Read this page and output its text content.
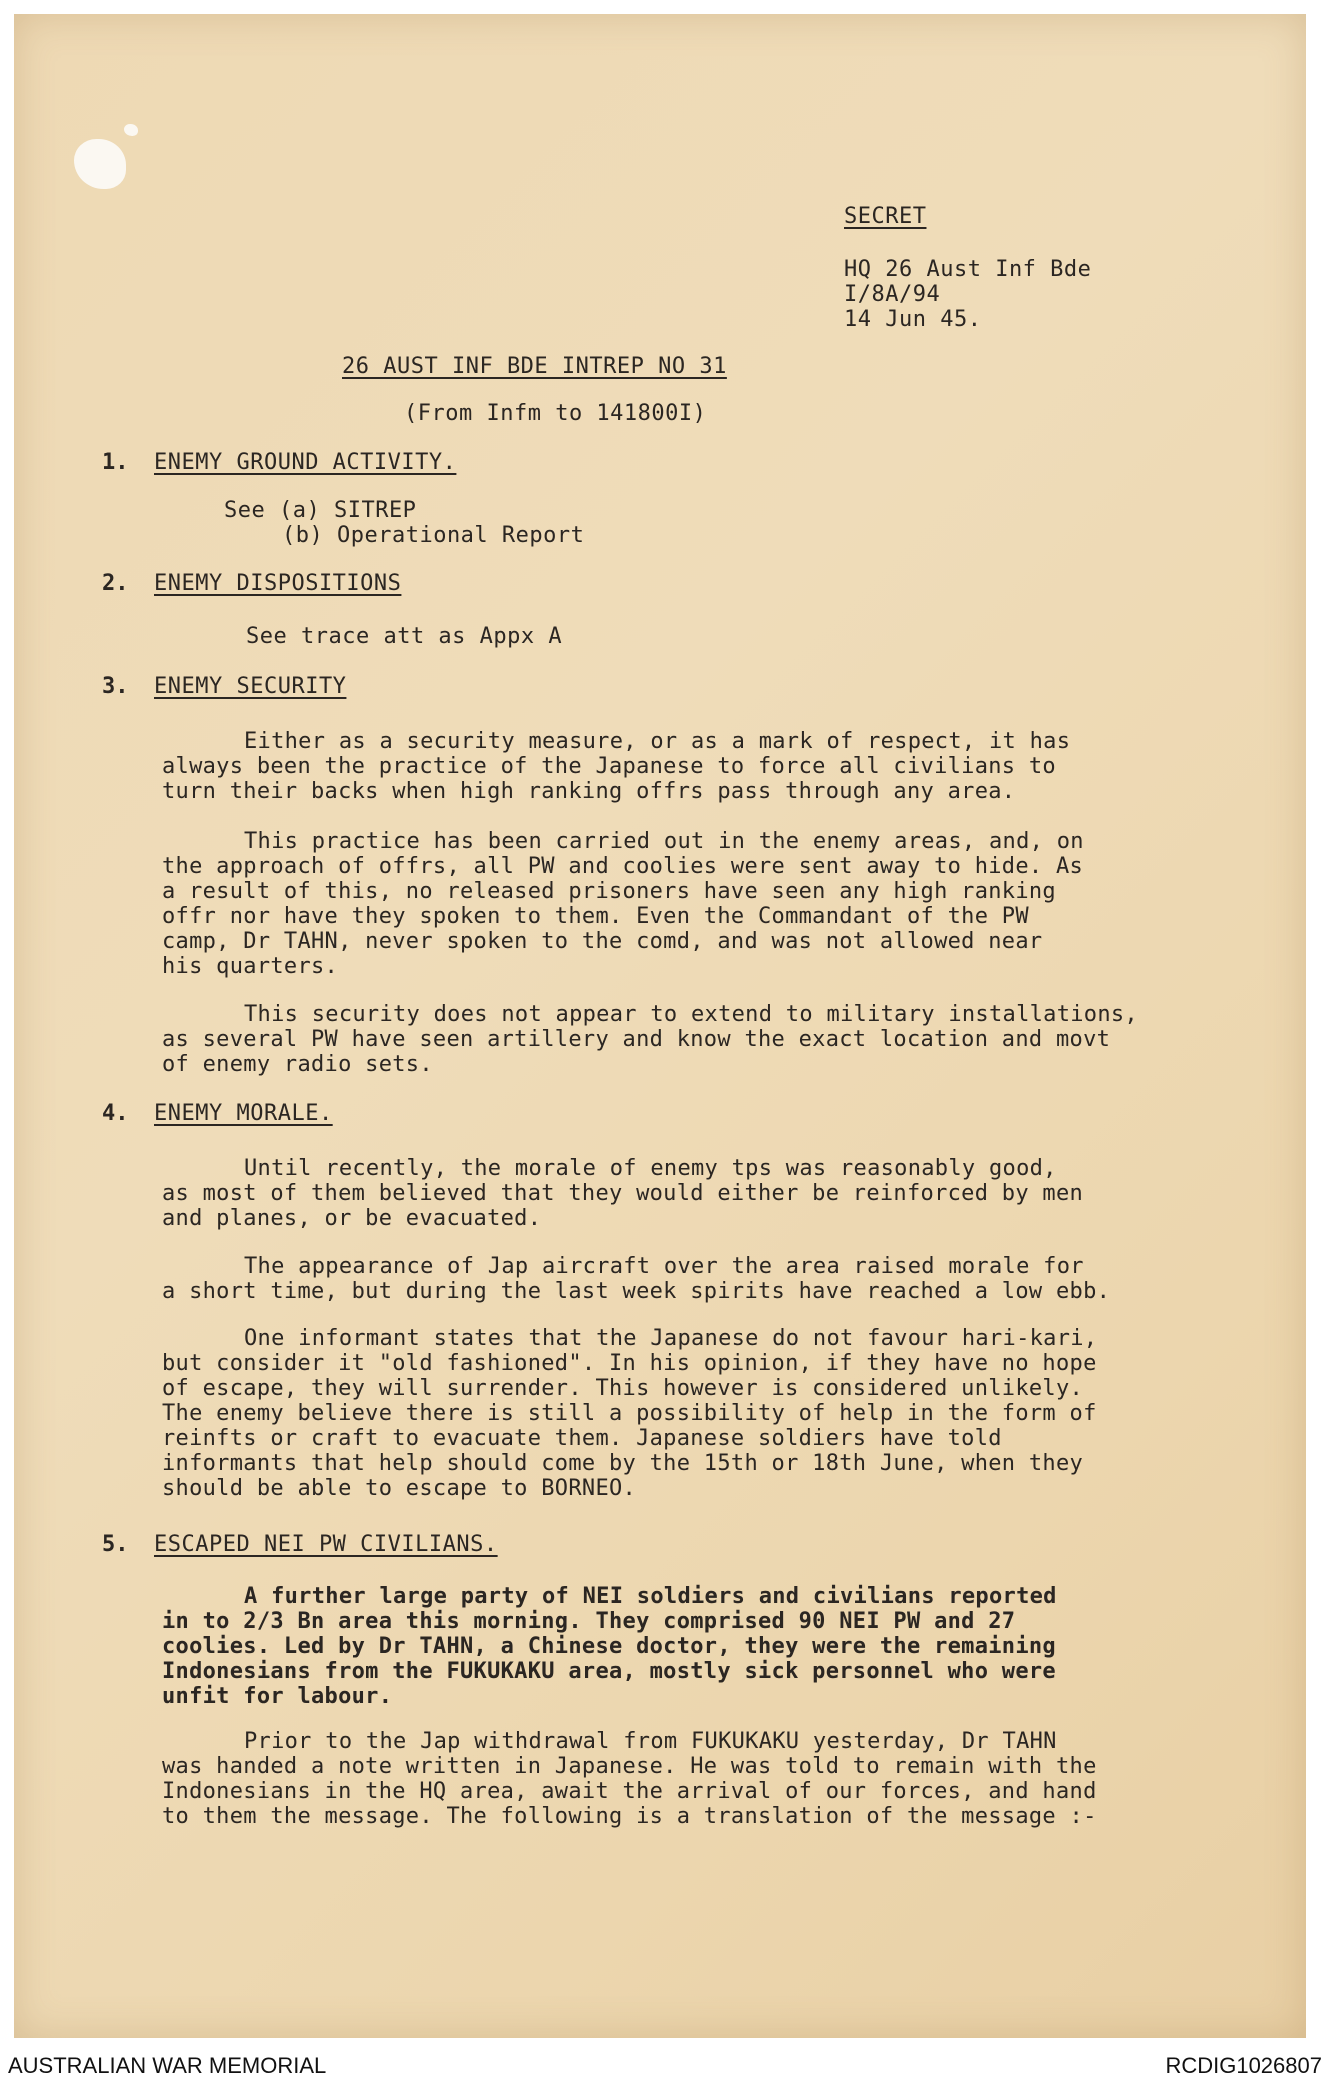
SECRET
HQ 26 Aust Inf Bde
I/8A/94
14 Jun 45.
26 AUST INF BDE INTREP NO 31
(From Infm to 141800I)
1. ENEMY GROUND ACTIVITY.
See (a) SITREP
(b) Operational Report
2. ENEMY DISPOSITIONS
See trace att as Appx A
3. ENEMY SECURITY
Either as a security measure, or as a mark of respect, it has
always been the practice of the Japanese to force all civilians to
turn their backs when high ranking offrs pass through any area.
This practice has been carried out in the enemy areas, and, on
the approach of offrs, all PW and coolies were sent away to hide. As
a result of this, no released prisoners have seen any high ranking
offr nor have they spoken to them. Even the Commandant of the PW
camp, Dr TAHN, never spoken to the comd, and was not allowed near
his quarters.
This security does not appear to extend to military installations,
as several PW have seen artillery and know the exact location and movt
of enemy radio sets.
4. ENEMY MORALE.
Until recently, the morale of enemy tps was reasonably good,
as most of them believed that they would either be reinforced by men
and planes, or be evacuated.
The appearance of Jap aircraft over the area raised morale for
a short time, but during the last week spirits have reached a low ebb.
One informant states that the Japanese do not favour hari-kari,
but consider it "old fashioned". In his opinion, if they have no hope
of escape, they will surrender. This however is considered unlikely.
The enemy believe there is still a possibility of help in the form of
reinfts or craft to evacuate them. Japanese soldiers have told
informants that help should come by the 15th or 18th June, when they
should be able to escape to BORNEO.
5. ESCAPED NEI PW CIVILIANS.
A further large party of NEI soldiers and civilians reported
in to 2/3 Bn area this morning. They comprised 90 NEI PW and 27
coolies. Led by Dr TAHN, a Chinese doctor, they were the remaining
Indonesians from the FUKUKAKU area, mostly sick personnel who were
unfit for labour.
Prior to the Jap withdrawal from FUKUKAKU yesterday, Dr TAHN
was handed a note written in Japanese. He was told to remain with the
Indonesians in the HQ area, await the arrival of our forces, and hand
to them the message. The following is a translation of the message :-
AUSTRALIAN WAR MEMORIAL	RCDIG1026807
